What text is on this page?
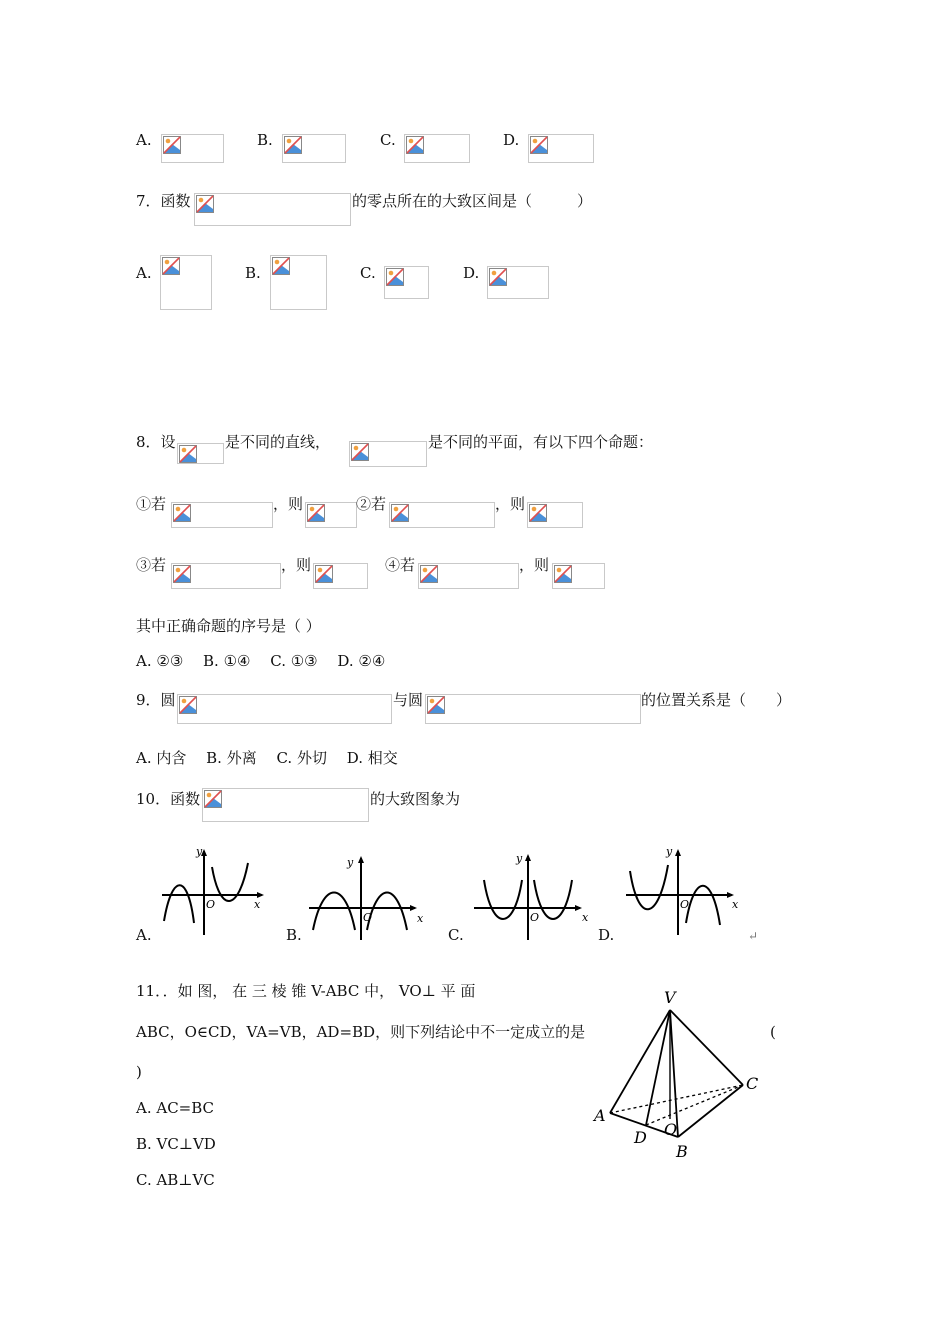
A.	B.	C.	D.
7．函数	的零点所在的大致区间是（　　　）
A.	B.	C.	D.
8．设	是不同的直线，	是不同的平面，有以下四个命题：
①若	，则	②若	，则
③若	，则	④若	，则
其中正确命题的序号是（ ）
A. ②③　 B. ①④　 C. ①③　 D. ②④
9．圆	与圆	的位置关系是（　　）
A. 内含　 B. 外离　 C. 外切　 D. 相交
10．函数	的大致图象为
A.
y
O	x
B.
y
O	x
C.
y
O	x
D.
y
O	x
↵
11．．如 图， 在 三 棱 锥 V-ABC 中， VO⊥ 平 面
ABC，O∈CD，VA=VB，AD=BD，则下列结论中不一定成立的是	(
)
A. AC=BC
B. VC⊥VD
C. AB⊥VC
V
A
B
C
D O
